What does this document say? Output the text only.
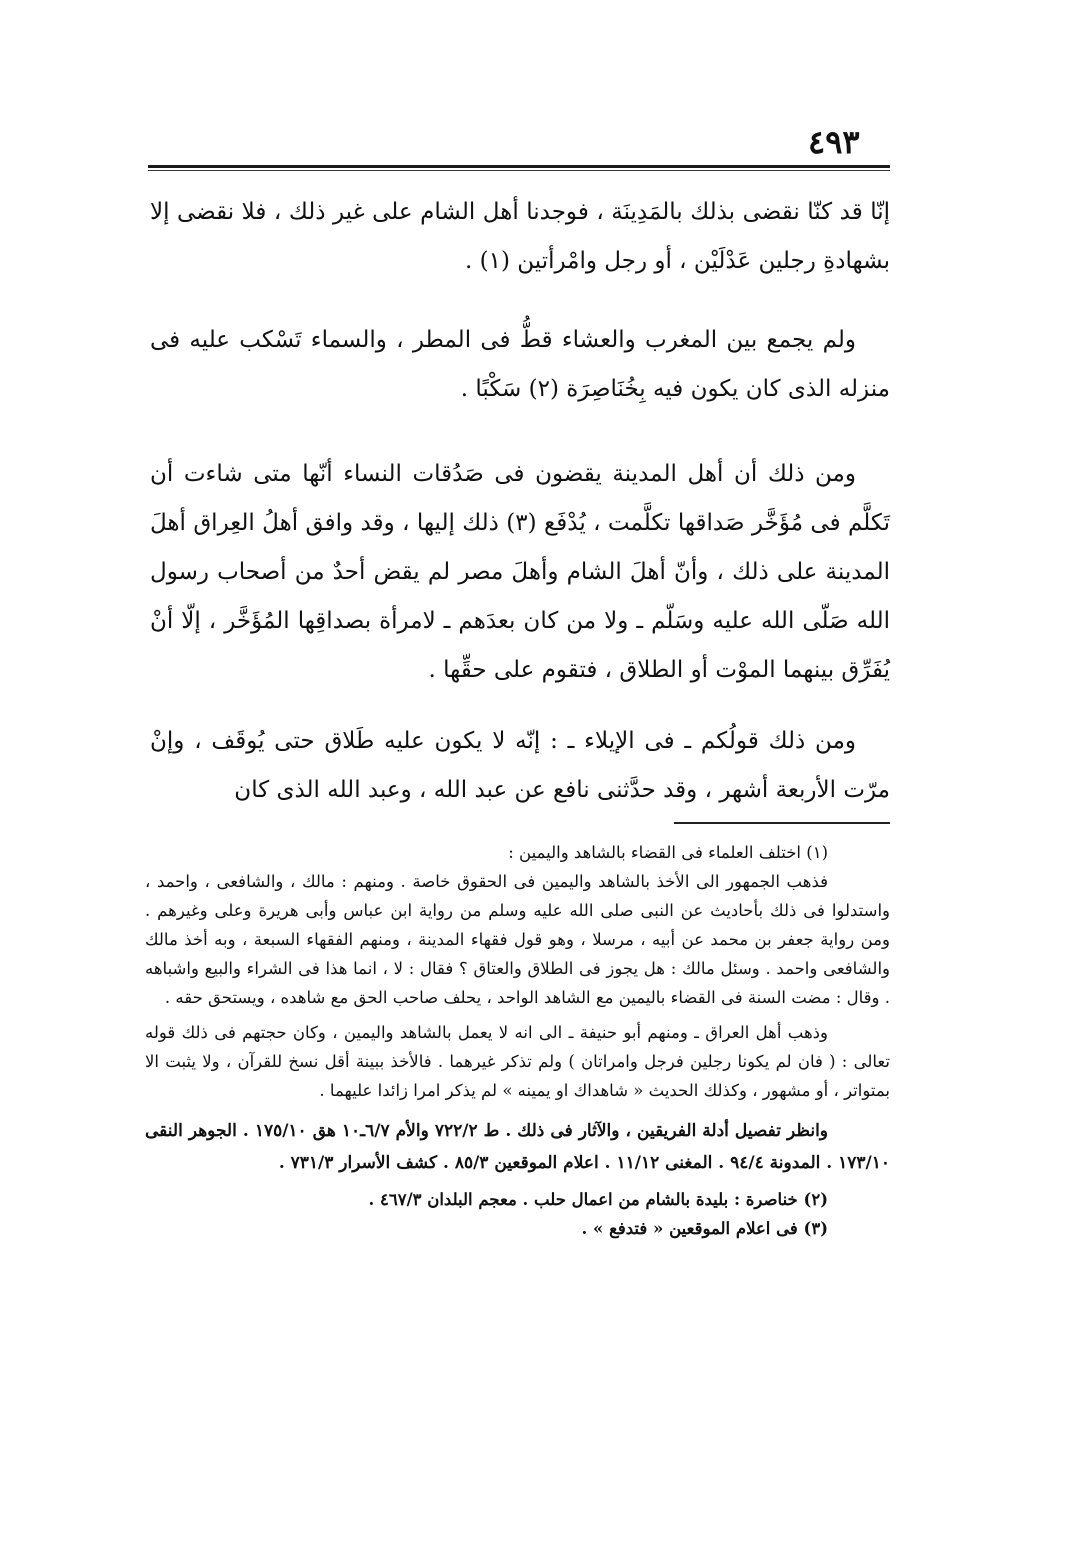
٤٩٣

إنّا قد كنّا نقضى بذلك بالمَدِينَة ، فوجدنا أهل الشام على غير ذلك ، فلا نقضى إلا بشهادةِ رجلين عَدْلَيْن ، أو رجل وامْرأتين (١) .

ولم يجمع بين المغرب والعشاء قطُّ فى المطر ، والسماء تَسْكب عليه فى منزله الذى كان يكون فيه بِخُنَاصِرَة (٢) سَكْبًا .

ومن ذلك أن أهل المدينة يقضون فى صَدُقات النساء أنّها متى شاءت أن تَكلَّم فى مُؤَخَّر صَداقها تكلَّمت ، يُدْفَع (٣) ذلك إليها ، وقد وافق أهلُ العِراق أهلَ المدينة على ذلك ، وأنّ أهلَ الشام وأهلَ مصر لم يقض أحدٌ من أصحاب رسول الله صَلّى الله عليه وسَلّم ـ ولا من كان بعدَهم ـ لامرأة بصداقِها المُؤَخَّر ، إلّا أنْ يُفَرِّق بينهما الموْت أو الطلاق ، فتقوم على حقِّها .

ومن ذلك قولُكم ـ فى الإيلاء ـ : إنّه لا يكون عليه طَلاق حتى يُوقَف ، وإنْ مرّت الأربعة أشهر ، وقد حدَّثنى نافع عن عبد الله ، وعبد الله الذى كان

(١) اختلف العلماء فى القضاء بالشاهد واليمين :

فذهب الجمهور الى الأخذ بالشاهد واليمين فى الحقوق خاصة . ومنهم : مالك ، والشافعى ، واحمد ، واستدلوا فى ذلك بأحاديث عن النبى صلى الله عليه وسلم من رواية ابن عباس وأبى هريرة وعلى وغيرهم . ومن رواية جعفر بن محمد عن أبيه ، مرسلا ، وهو قول فقهاء المدينة ، ومنهم الفقهاء السبعة ، وبه أخذ مالك والشافعى واحمد . وسئل مالك : هل يجوز فى الطلاق والعتاق ؟ فقال : لا ، انما هذا فى الشراء والبيع واشباهه . وقال : مضت السنة فى القضاء باليمين مع الشاهد الواحد ، يحلف صاحب الحق مع شاهده ، ويستحق حقه .

وذهب أهل العراق ـ ومنهم أبو حنيفة ـ الى انه لا يعمل بالشاهد واليمين ، وكان حجتهم فى ذلك قوله تعالى : ( فان لم يكونا رجلين فرجل وامراتان ) ولم تذكر غيرهما . فالأخذ ببينة أقل نسخ للقرآن ، ولا يثبت الا بمتواتر ، أو مشهور ، وكذلك الحديث « شاهداك او يمينه » لم يذكر امرا زائدا عليهما .

وانظر تفصيل أدلة الفريقين ، والآثار فى ذلك . ط ٧٢٢/٢ والأم ٦/٧ـ١٠ هق ١٧٥/١٠ . الجوهر النقى ١٧٣/١٠ . المدونة ٩٤/٤ . المغنى ١١/١٢ . اعلام الموقعين ٨٥/٣ . كشف الأسرار ٧٣١/٣ .

(٢) خناصرة : بليدة بالشام من اعمال حلب . معجم البلدان ٤٦٧/٣ .

(٣) فى اعلام الموقعين « فتدفع » .
